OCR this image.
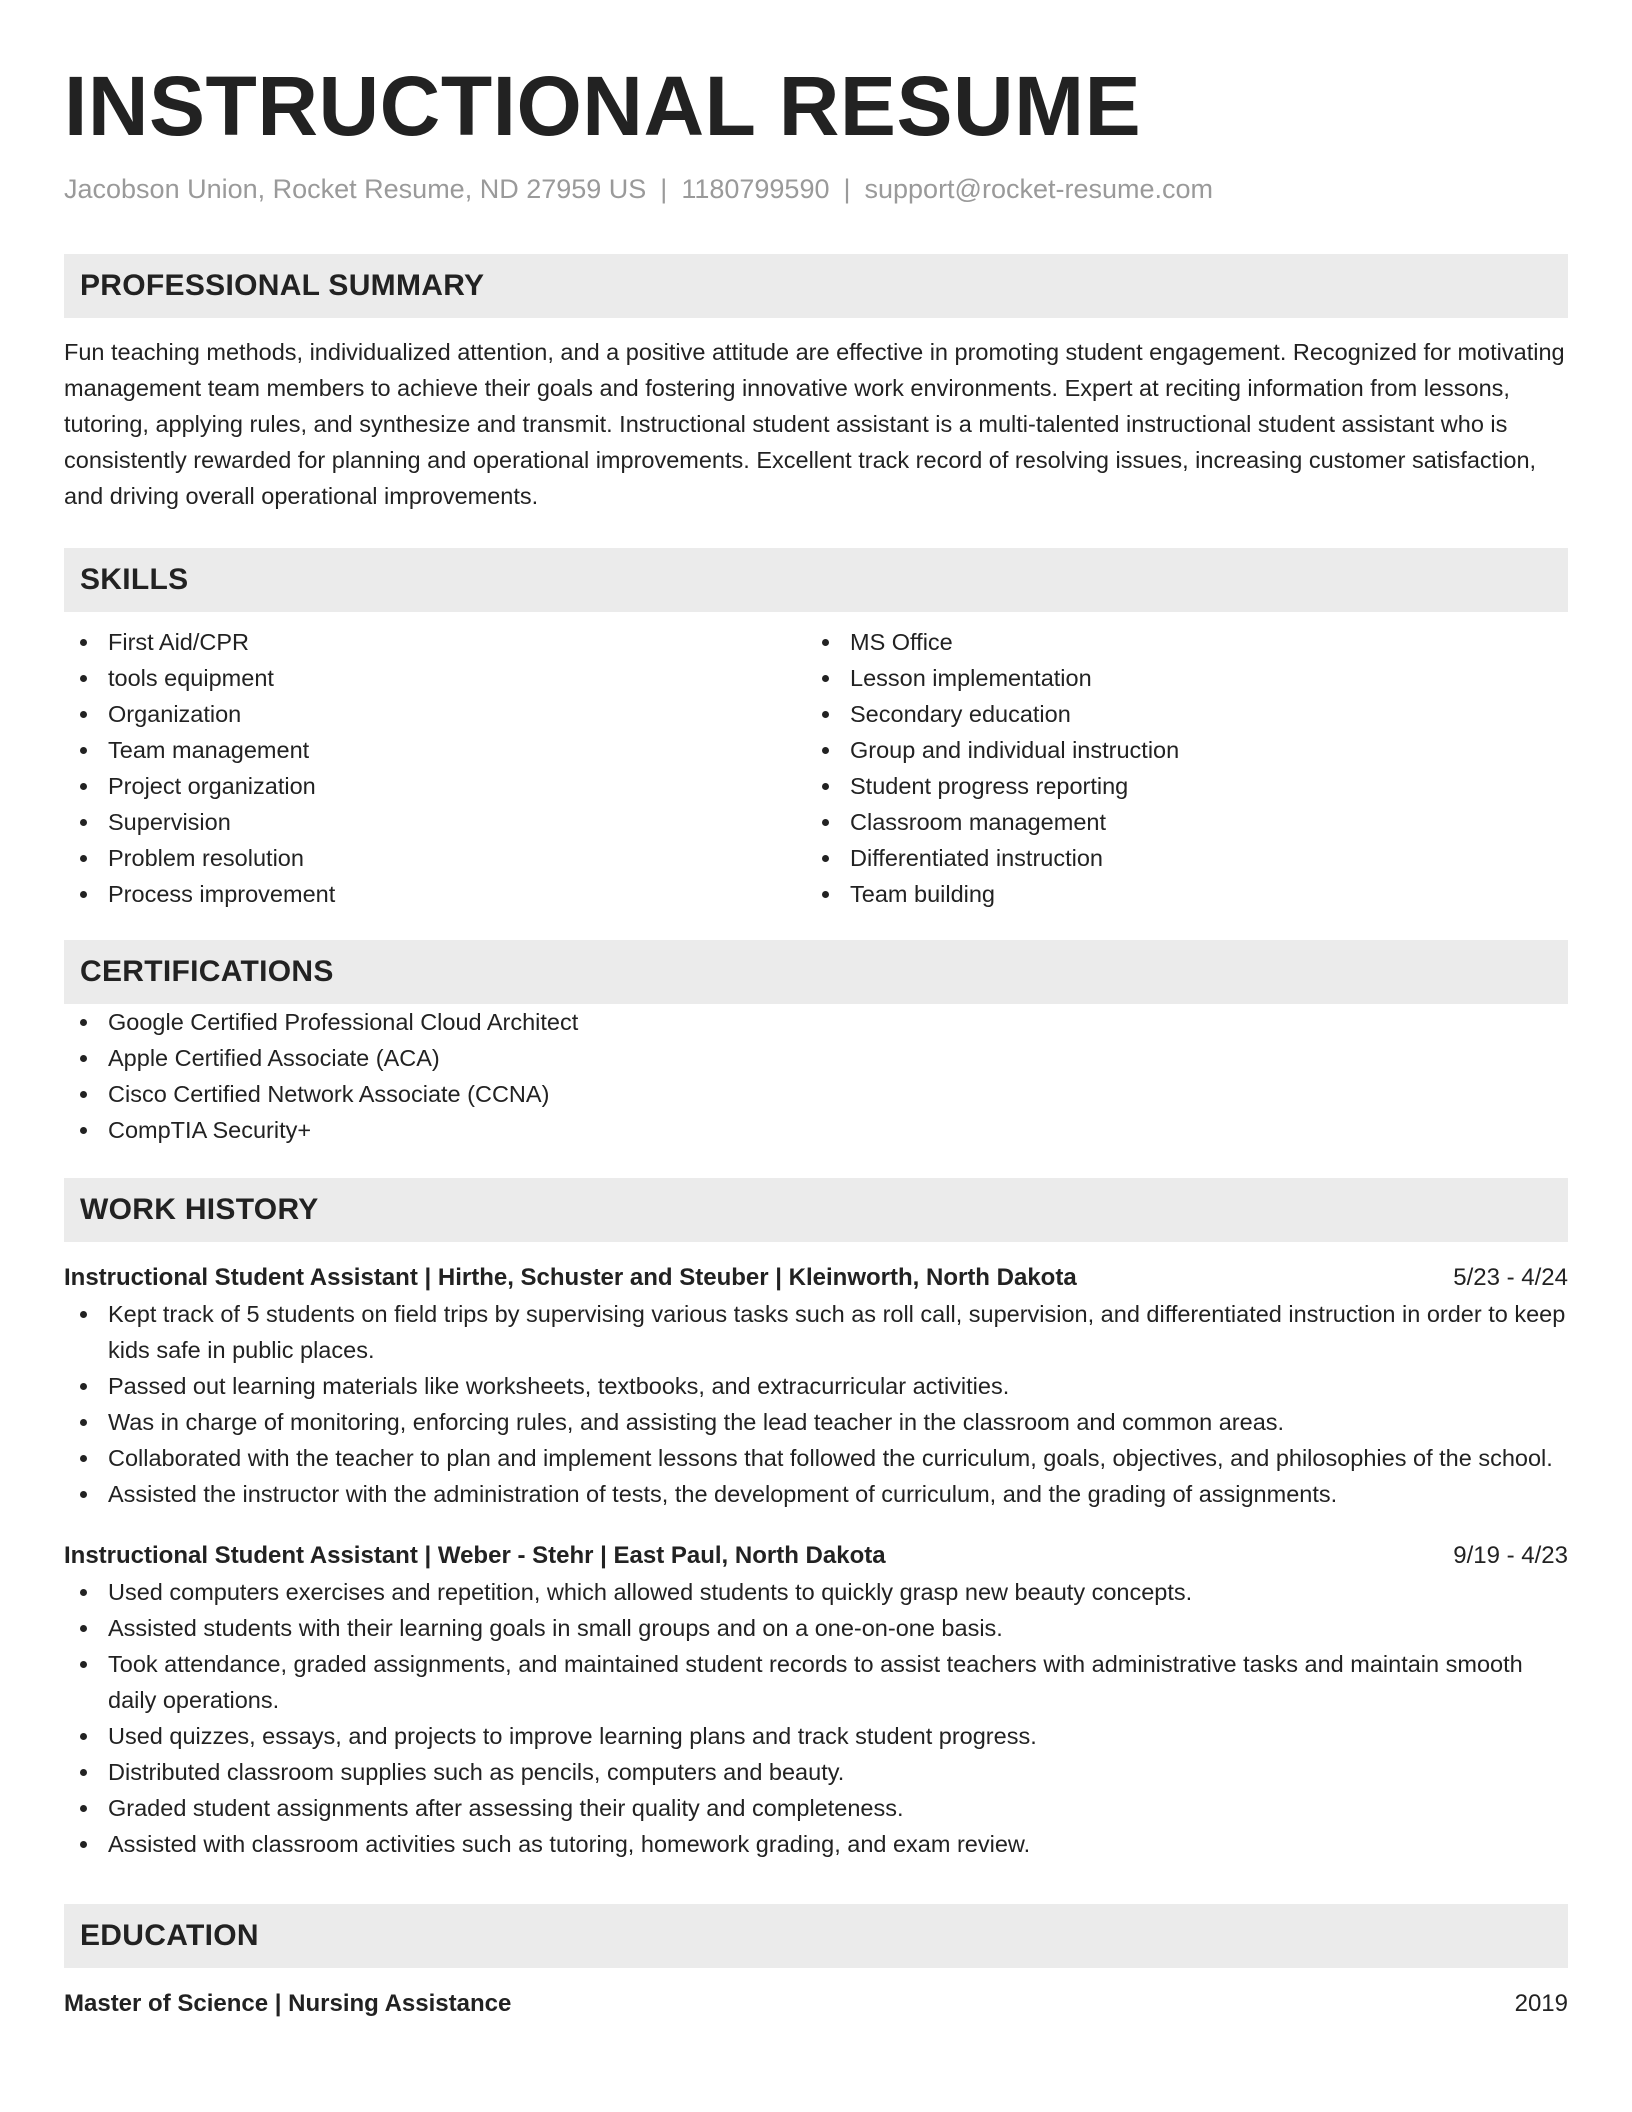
INSTRUCTIONAL RESUME
Jacobson Union, Rocket Resume, ND 27959 US | 1180799590 | support@rocket-resume.com
PROFESSIONAL SUMMARY
Fun teaching methods, individualized attention, and a positive attitude are effective in promoting student engagement. Recognized for motivating management team members to achieve their goals and fostering innovative work environments. Expert at reciting information from lessons, tutoring, applying rules, and synthesize and transmit. Instructional student assistant is a multi-talented instructional student assistant who is consistently rewarded for planning and operational improvements. Excellent track record of resolving issues, increasing customer satisfaction, and driving overall operational improvements.
SKILLS
First Aid/CPR
tools equipment
Organization
Team management
Project organization
Supervision
Problem resolution
Process improvement
MS Office
Lesson implementation
Secondary education
Group and individual instruction
Student progress reporting
Classroom management
Differentiated instruction
Team building
CERTIFICATIONS
Google Certified Professional Cloud Architect
Apple Certified Associate (ACA)
Cisco Certified Network Associate (CCNA)
CompTIA Security+
WORK HISTORY
Instructional Student Assistant | Hirthe, Schuster and Steuber | Kleinworth, North Dakota	5/23 - 4/24
Kept track of 5 students on field trips by supervising various tasks such as roll call, supervision, and differentiated instruction in order to keep kids safe in public places.
Passed out learning materials like worksheets, textbooks, and extracurricular activities.
Was in charge of monitoring, enforcing rules, and assisting the lead teacher in the classroom and common areas.
Collaborated with the teacher to plan and implement lessons that followed the curriculum, goals, objectives, and philosophies of the school.
Assisted the instructor with the administration of tests, the development of curriculum, and the grading of assignments.
Instructional Student Assistant | Weber - Stehr | East Paul, North Dakota	9/19 - 4/23
Used computers exercises and repetition, which allowed students to quickly grasp new beauty concepts.
Assisted students with their learning goals in small groups and on a one-on-one basis.
Took attendance, graded assignments, and maintained student records to assist teachers with administrative tasks and maintain smooth daily operations.
Used quizzes, essays, and projects to improve learning plans and track student progress.
Distributed classroom supplies such as pencils, computers and beauty.
Graded student assignments after assessing their quality and completeness.
Assisted with classroom activities such as tutoring, homework grading, and exam review.
EDUCATION
Master of Science | Nursing Assistance	2019
